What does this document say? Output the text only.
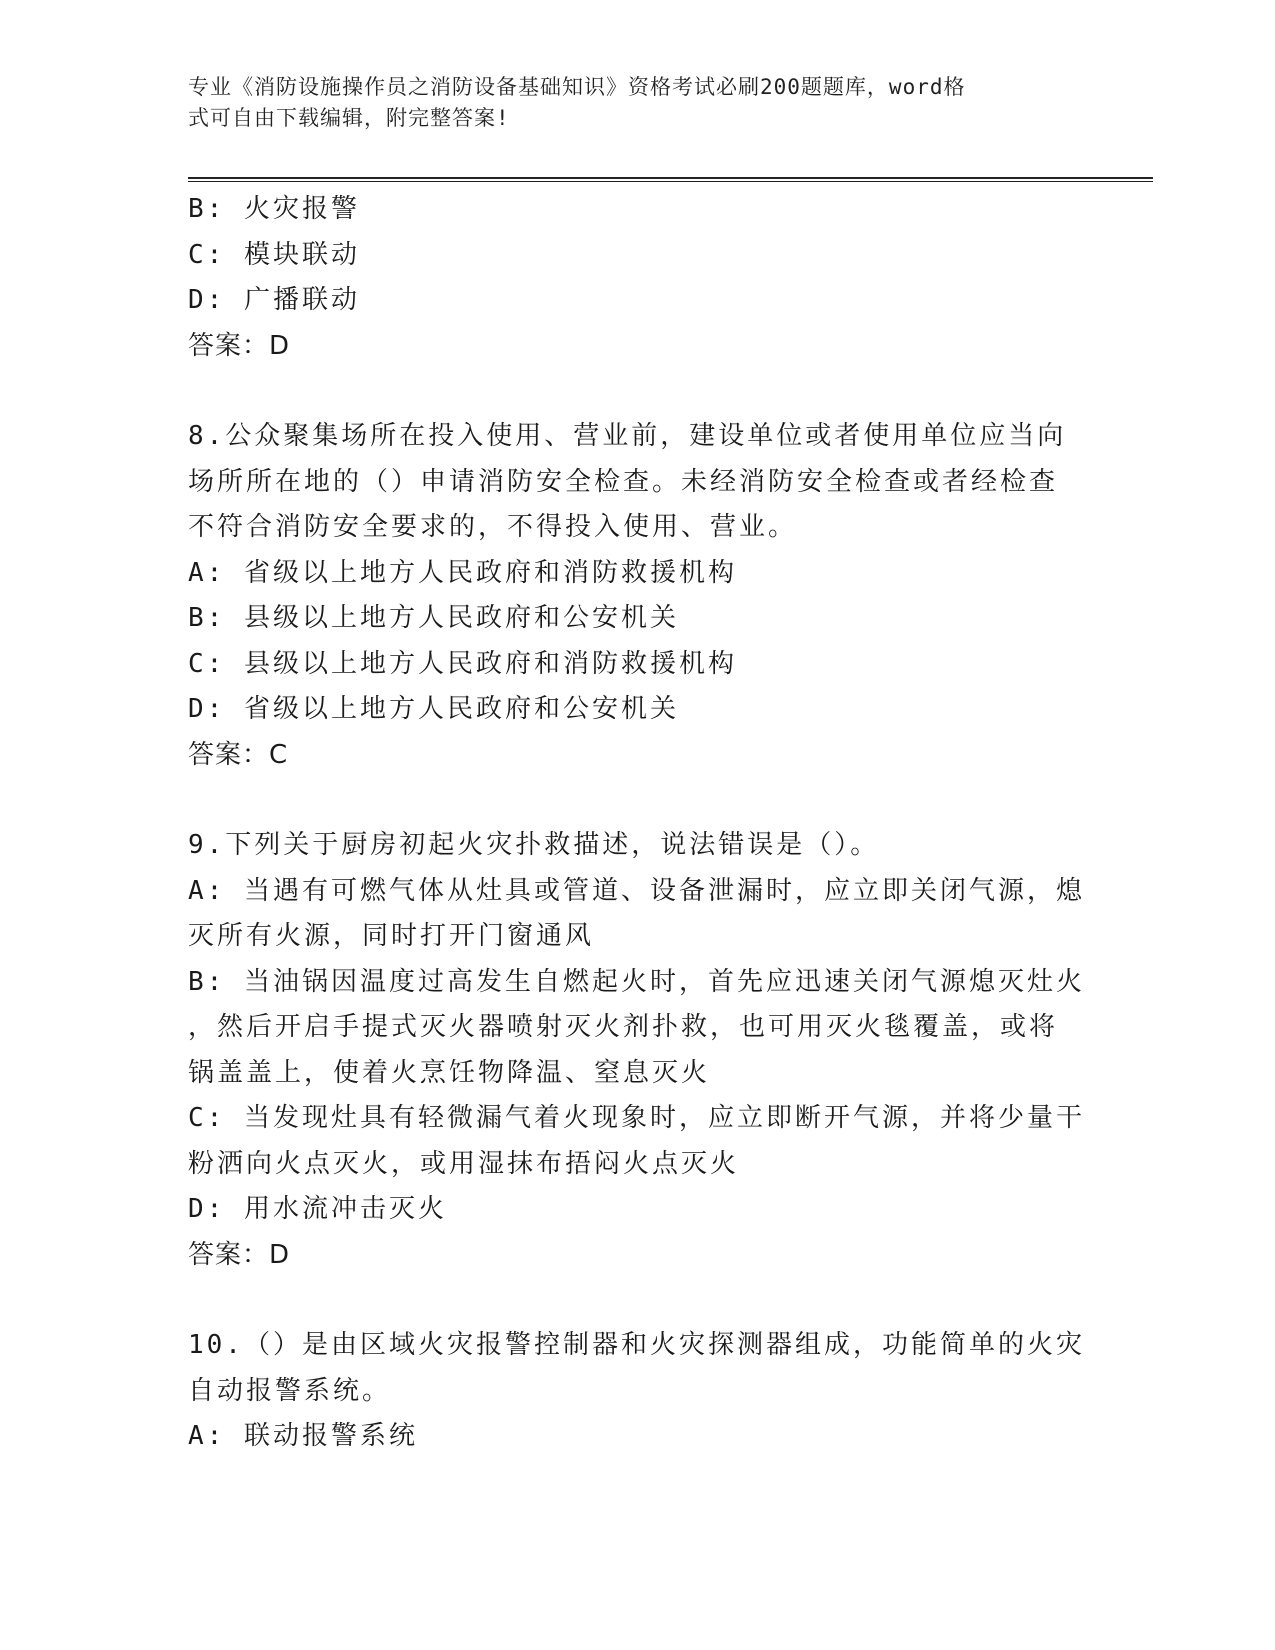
专业《消防设施操作员之消防设备基础知识》资格考试必刷200题题库，word格
式可自由下载编辑，附完整答案!
B: 火灾报警
C: 模块联动
D: 广播联动
答案：D
8.公众聚集场所在投入使用、营业前，建设单位或者使用单位应当向
场所所在地的（）申请消防安全检查。未经消防安全检查或者经检查
不符合消防安全要求的，不得投入使用、营业。
A: 省级以上地方人民政府和消防救援机构
B: 县级以上地方人民政府和公安机关
C: 县级以上地方人民政府和消防救援机构
D: 省级以上地方人民政府和公安机关
答案：C
9.下列关于厨房初起火灾扑救描述，说法错误是（）。
A: 当遇有可燃气体从灶具或管道、设备泄漏时，应立即关闭气源，熄
灭所有火源，同时打开门窗通风
B: 当油锅因温度过高发生自燃起火时，首先应迅速关闭气源熄灭灶火
，然后开启手提式灭火器喷射灭火剂扑救，也可用灭火毯覆盖，或将
锅盖盖上，使着火烹饪物降温、窒息灭火
C: 当发现灶具有轻微漏气着火现象时，应立即断开气源，并将少量干
粉洒向火点灭火，或用湿抹布捂闷火点灭火
D: 用水流冲击灭火
答案：D
10.（）是由区域火灾报警控制器和火灾探测器组成，功能简单的火灾
自动报警系统。
A: 联动报警系统
